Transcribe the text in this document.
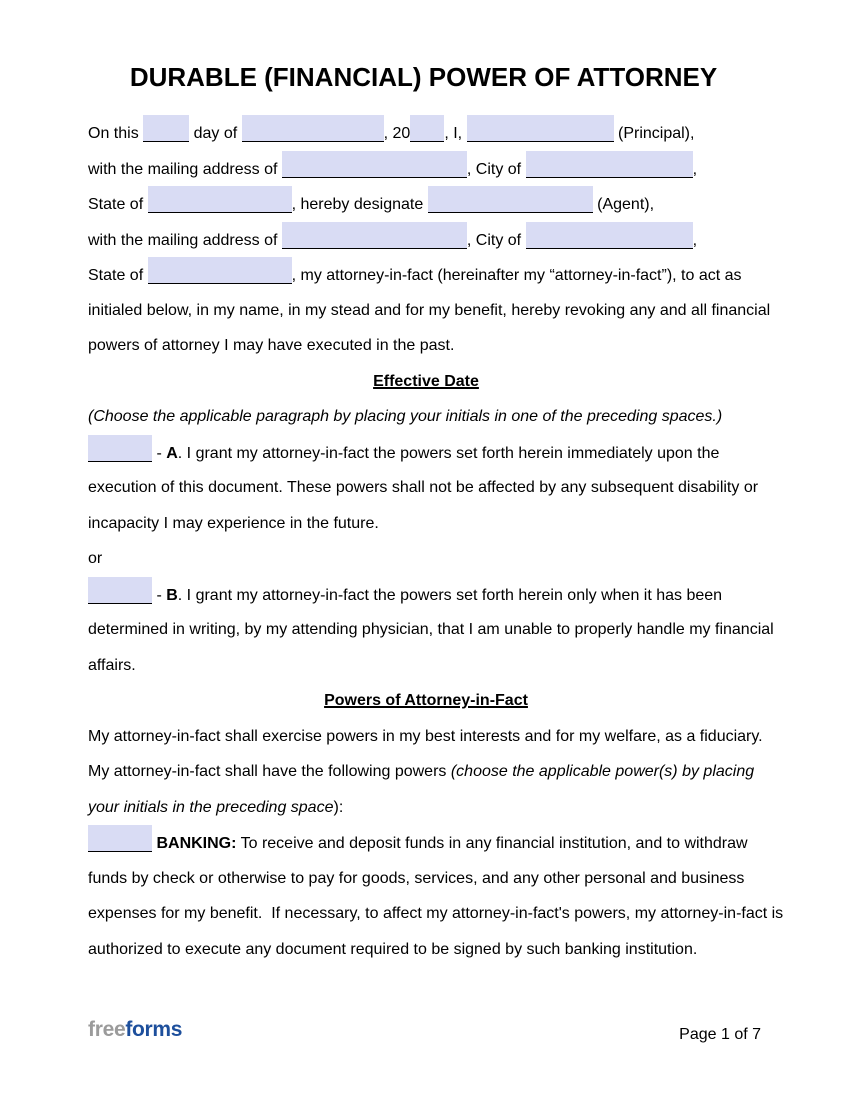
DURABLE (FINANCIAL) POWER OF ATTORNEY
On this	day of	, 20 , I,	(Principal),
with the mailing address of	, City of	,
State of	, hereby designate	(Agent),
with the mailing address of	, City of	,
State of	, my attorney-in-fact (hereinafter my “attorney-in-fact”), to act as
initialed below, in my name, in my stead and for my benefit, hereby revoking any and all financial
powers of attorney I may have executed in the past.
Effective Date
(Choose the applicable paragraph by placing your initials in one of the preceding spaces.)
- A. I grant my attorney-in-fact the powers set forth herein immediately upon the
execution of this document. These powers shall not be affected by any subsequent disability or
incapacity I may experience in the future.
or
- B. I grant my attorney-in-fact the powers set forth herein only when it has been
determined in writing, by my attending physician, that I am unable to properly handle my financial
affairs.
Powers of Attorney-in-Fact
My attorney-in-fact shall exercise powers in my best interests and for my welfare, as a fiduciary.
My attorney-in-fact shall have the following powers (choose the applicable power(s) by placing
your initials in the preceding space):
BANKING: To receive and deposit funds in any financial institution, and to withdraw
funds by check or otherwise to pay for goods, services, and any other personal and business
expenses for my benefit.  If necessary, to affect my attorney-in-fact's powers, my attorney-in-fact is
authorized to execute any document required to be signed by such banking institution.
freeforms	Page 1 of 7
